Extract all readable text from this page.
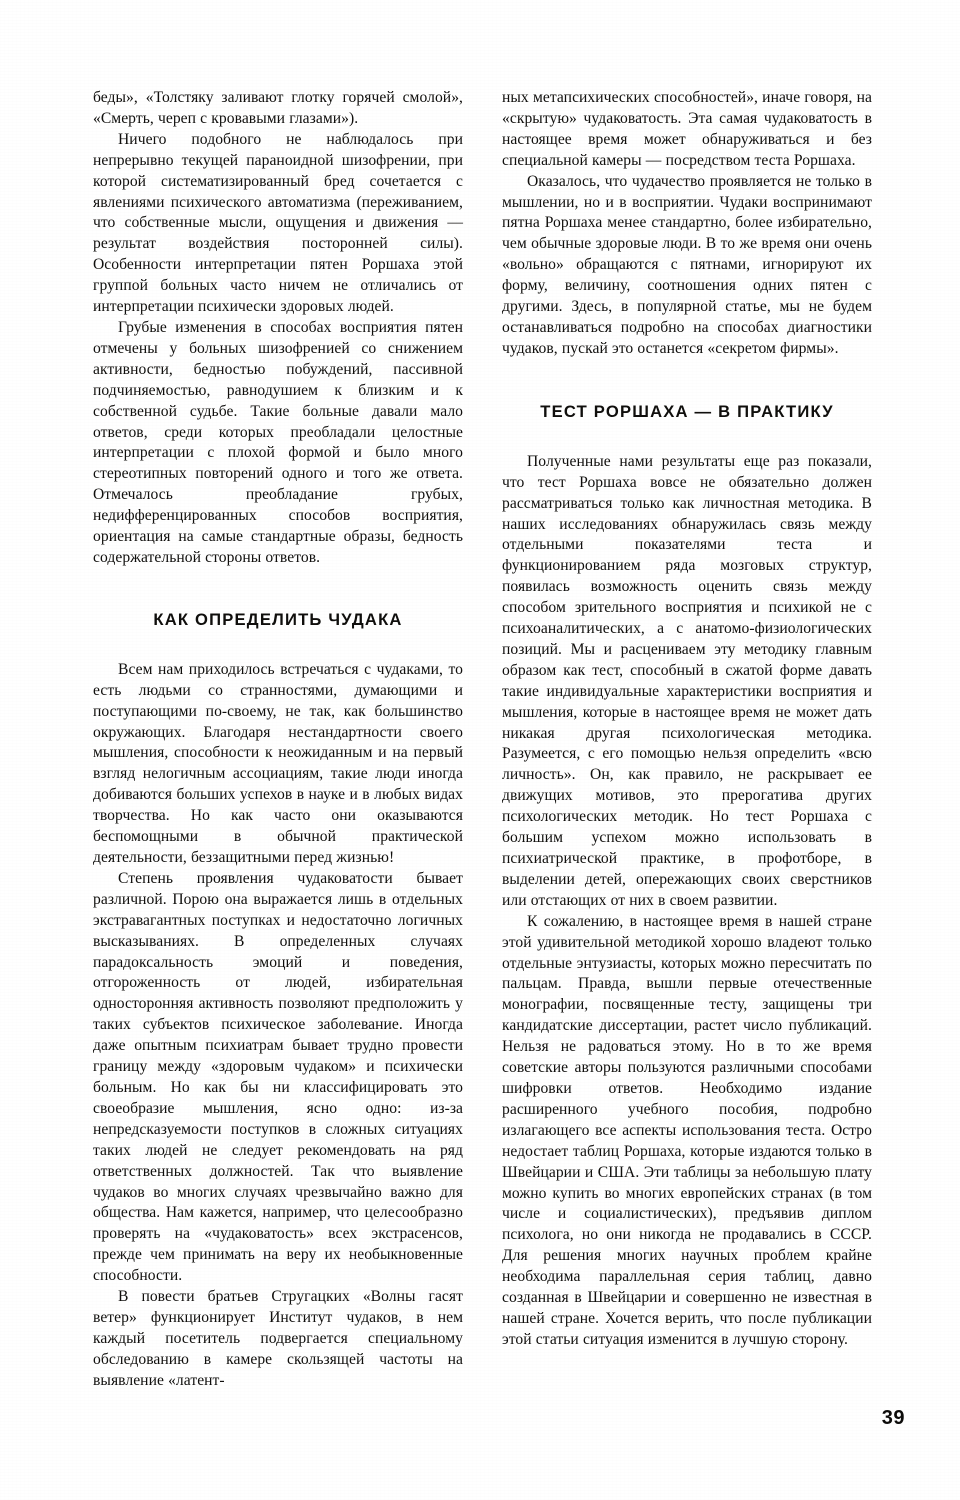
беды», «Толстяку заливают глотку горячей смолой», «Смерть, череп с кровавыми глазами»).

Ничего подобного не наблюдалось при непрерывно текущей параноидной шизофрении, при которой систематизированный бред сочетается с явлениями психического автоматизма (переживанием, что собственные мысли, ощущения и движения — результат воздействия посторонней силы). Особенности интерпретации пятен Роршаха этой группой больных часто ничем не отличались от интерпретации психически здоровых людей.

Грубые изменения в способах восприятия пятен отмечены у больных шизофренией со снижением активности, бедностью побуждений, пассивной подчиняемостью, равнодушием к близким и к собственной судьбе. Такие больные давали мало ответов, среди которых преобладали целостные интерпретации с плохой формой и было много стереотипных повторений одного и того же ответа. Отмечалось преобладание грубых, недифференцированных способов восприятия, ориентация на самые стандартные образы, бедность содержательной стороны ответов.

КАК ОПРЕДЕЛИТЬ ЧУДАКА

Всем нам приходилось встречаться с чудаками, то есть людьми со странностями, думающими и поступающими по-своему, не так, как большинство окружающих. Благодаря нестандартности своего мышления, способности к неожиданным и на первый взгляд нелогичным ассоциациям, такие люди иногда добиваются больших успехов в науке и в любых видах творчества. Но как часто они оказываются беспомощными в обычной практической деятельности, беззащитными перед жизнью!

Степень проявления чудаковатости бывает различной. Порою она выражается лишь в отдельных экстравагантных поступках и недостаточно логичных высказываниях. В определенных случаях парадоксальность эмоций и поведения, отгороженность от людей, избирательная односторонняя активность позволяют предположить у таких субъектов психическое заболевание. Иногда даже опытным психиатрам бывает трудно провести границу между «здоровым чудаком» и психически больным. Но как бы ни классифицировать это своеобразие мышления, ясно одно: из-за непредсказуемости поступков в сложных ситуациях таких людей не следует рекомендовать на ряд ответственных должностей. Так что выявление чудаков во многих случаях чрезвычайно важно для общества. Нам кажется, например, что целесообразно проверять на «чудаковатость» всех экстрасенсов, прежде чем принимать на веру их необыкновенные способности.

В повести братьев Стругацких «Волны гасят ветер» функционирует Институт чудаков, в нем каждый посетитель подвергается специальному обследованию в камере скользящей частоты на выявление «латент-

ных метапсихических способностей», иначе говоря, на «скрытую» чудаковатость. Эта самая чудаковатость в настоящее время может обнаруживаться и без специальной камеры — посредством теста Роршаха.

Оказалось, что чудачество проявляется не только в мышлении, но и в восприятии. Чудаки воспринимают пятна Роршаха менее стандартно, более избирательно, чем обычные здоровые люди. В то же время они очень «вольно» обращаются с пятнами, игнорируют их форму, величину, соотношения одних пятен с другими. Здесь, в популярной статье, мы не будем останавливаться подробно на способах диагностики чудаков, пускай это останется «секретом фирмы».

ТЕСТ РОРШАХА — В ПРАКТИКУ

Полученные нами результаты еще раз показали, что тест Роршаха вовсе не обязательно должен рассматриваться только как личностная методика. В наших исследованиях обнаружилась связь между отдельными показателями теста и функционированием ряда мозговых структур, появилась возможность оценить связь между способом зрительного восприятия и психикой не с психоаналитических, а с анатомо-физиологических позиций. Мы и расцениваем эту методику главным образом как тест, способный в сжатой форме давать такие индивидуальные характеристики восприятия и мышления, которые в настоящее время не может дать никакая другая психологическая методика. Разумеется, с его помощью нельзя определить «всю личность». Он, как правило, не раскрывает ее движущих мотивов, это прерогатива других психологических методик. Но тест Роршаха с большим успехом можно использовать в психиатрической практике, в профотборе, в выделении детей, опережающих своих сверстников или отстающих от них в своем развитии.

К сожалению, в настоящее время в нашей стране этой удивительной методикой хорошо владеют только отдельные энтузиасты, которых можно пересчитать по пальцам. Правда, вышли первые отечественные монографии, посвященные тесту, защищены три кандидатские диссертации, растет число публикаций. Нельзя не радоваться этому. Но в то же время советские авторы пользуются различными способами шифровки ответов. Необходимо издание расширенного учебного пособия, подробно излагающего все аспекты использования теста. Остро недостает таблиц Роршаха, которые издаются только в Швейцарии и США. Эти таблицы за небольшую плату можно купить во многих европейских странах (в том числе и социалистических), предъявив диплом психолога, но они никогда не продавались в СССР. Для решения многих научных проблем крайне необходима параллельная серия таблиц, давно созданная в Швейцарии и совершенно не известная в нашей стране. Хочется верить, что после публикации этой статьи ситуация изменится в лучшую сторону.

39
